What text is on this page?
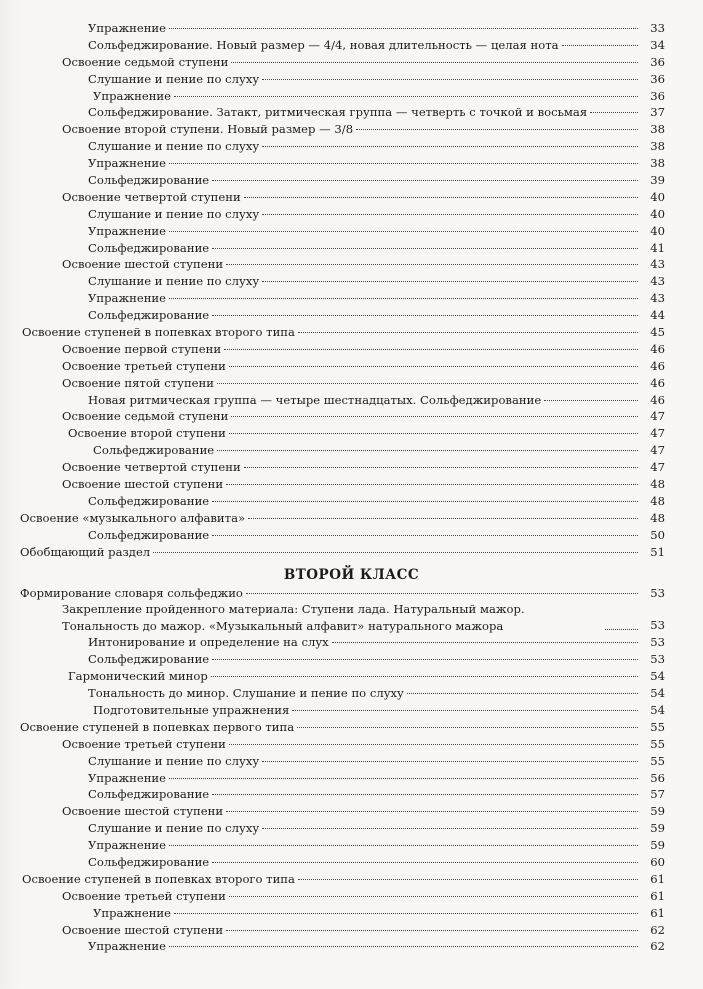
Упражнение	33
Сольфеджирование. Новый размер — 4/4, новая длительность — целая нота	34
Освоение седьмой ступени	36
Слушание и пение по слуху	36
Упражнение	36
Сольфеджирование. Затакт, ритмическая группа — четверть с точкой и восьмая	37
Освоение второй ступени. Новый размер — 3/8	38
Слушание и пение по слуху	38
Упражнение	38
Сольфеджирование	39
Освоение четвертой ступени	40
Слушание и пение по слуху	40
Упражнение	40
Сольфеджирование	41
Освоение шестой ступени	43
Слушание и пение по слуху	43
Упражнение	43
Сольфеджирование	44
Освоение ступеней в попевках второго типа	45
Освоение первой ступени	46
Освоение третьей ступени	46
Освоение пятой ступени	46
Новая ритмическая группа — четыре шестнадцатых. Сольфеджирование	46
Освоение седьмой ступени	47
Освоение второй ступени	47
Сольфеджирование	47
Освоение четвертой ступени	47
Освоение шестой ступени	48
Сольфеджирование	48
Освоение «музыкального алфавита»	48
Сольфеджирование	50
Обобщающий раздел	51
ВТОРОЙ КЛАСС
Формирование словаря сольфеджио	53
Закрепление пройденного материала: Ступени лада. Натуральный мажор. Тональность до мажор. «Музыкальный алфавит» натурального мажора	53
Интонирование и определение на слух	53
Сольфеджирование	53
Гармонический минор	54
Тональность до минор. Слушание и пение по слуху	54
Подготовительные упражнения	54
Освоение ступеней в попевках первого типа	55
Освоение третьей ступени	55
Слушание и пение по слуху	55
Упражнение	56
Сольфеджирование	57
Освоение шестой ступени	59
Слушание и пение по слуху	59
Упражнение	59
Сольфеджирование	60
Освоение ступеней в попевках второго типа	61
Освоение третьей ступени	61
Упражнение	61
Освоение шестой ступени	62
Упражнение	62
